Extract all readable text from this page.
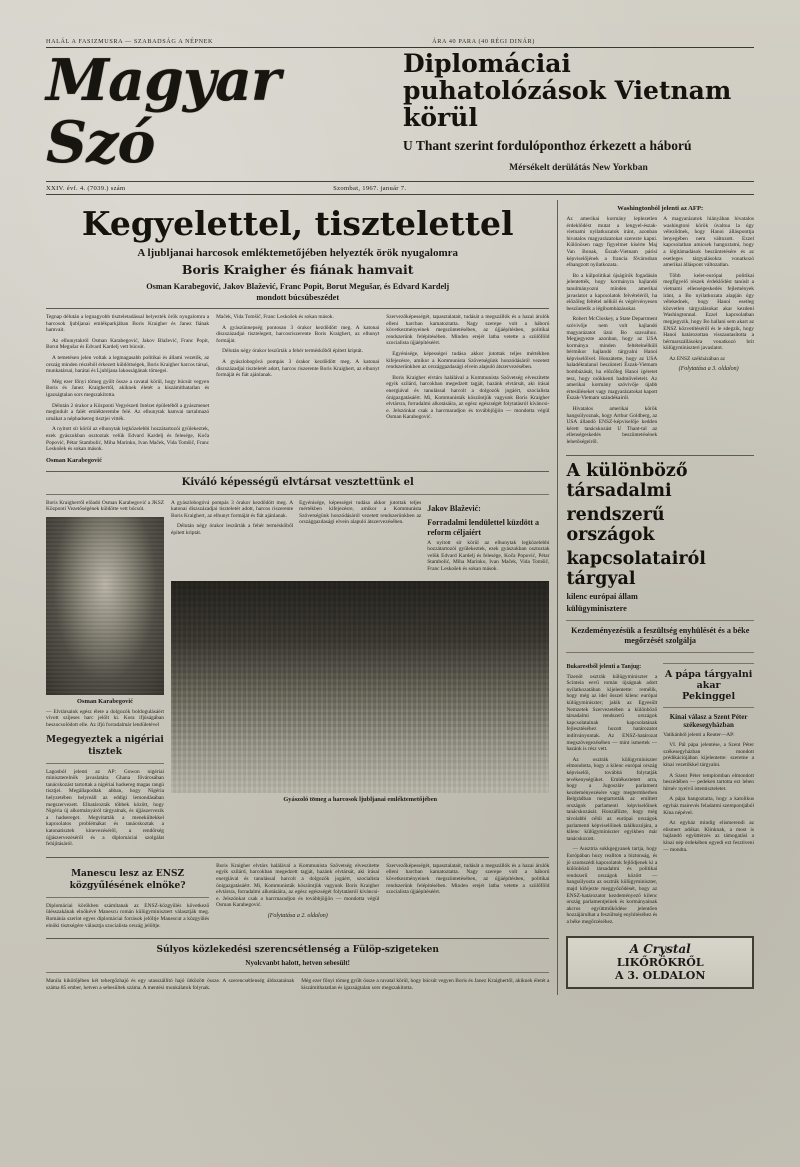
HALÁL A FASIZMUSRA — SZABADSÁG A NÉPNEK	ÁRA 40 PARA (40 RÉGI DINÁR)
Magyar Szó
Diplomáciai puhatolózások Vietnam körül
U Thant szerint fordulóponthoz érkezett a háború
Mérsékelt derülátás New Yorkban
XXIV. évf. 4. (7039.) szám	Szombat, 1967. január 7.
Kegyelettel, tisztelettel
A ljubljanai harcosok emléktemetőjében helyezték örök nyugalomra
Boris Kraigher és fiának hamvait
Osman Karabegović, Jakov Blažević, Franc Popit, Borut Megušar, és Edvard Kardelj
mondott búcsúbeszédet

Tegnap délután a legnagyobb tiszteletadással helyezték örök nyugalomra a harcosok ljubljanai emlékparkjában Boris Kraigher és Janez fiának hamvait.

Az elhunytakról Osman Karabegović, Jakov Blažević, Franc Popit, Borut Megušar és Edvard Kardelj vett búcsút.

A temetésen jelen voltak a legmagasabb politikai és állami vezetők, az ország minden részéből érkezett küldöttségek, Boris Kraigher harcos társai, munkatársai, barátai és Ljubljana lakosságának tömegei.

Még ezer főnyi tömeg gyűlt össze a ravatal körül, hogy búcsút vegyen Boris és Janez Kraighertől, akiknek életét a kiszámíthatatlan és igazságtalan sors megszakította.

Délután 2 órakor a Központi Vegyészeti Intézet épületéből a gyászmenet megindult a falét emlékterembe felé. Az elhunytak hamvai tartalmazó urnákat a néphadsereg tisztjei vitték.

A nyitott sír körül az elhunytak legközelebbi hozzátartozói gyülekeztek, ezek gyászukban osztoztak velük Edvard Kardelj és felesége, Koča Popović, Pétar Stambolić, Miha Marinko, Ivan Maček, Vida Tomšič, Franc Leskošek és sokan mások.

Osman Karabegović

Maček, Vida Tomšič, Franc Leskošek és sokan mások.

A gyászünnepség pontosan 3 órakor kezdődött meg. A katonai díszszázadjai tisztelegett, harcosriszerente Boris Kraighert, az elhunyt formáját.

Délután négy órakor leszűrták a fehér terméskőből épített kriptát.

A gyászlobogóvá pompás 3 órakor kezdődött meg. A katonai díszszázadjai tiszteletét adott, harcos riszerente Boris Kraighert, az elhunyt formáját és fiát ajánlanak.

Szervezőképességét, tapasztalatait, tudását a megszállók és a hazai árulók elleni harcban kamatoztatta. Nagy szerepe volt a háború következményeinek megszüntetésében, az újjáépítésben, politikai rendszerünk felépítésében. Minden erejét latba vetette a szülőföld szocialista újjáépítéséért.

Egyénisége, képességei tudása akkor jutottak teljes mértékben kifejezésre, amikor a Kommunista Szövetségünk honzódásáról vezetett rendszerünkben az országgazdasági elvein alapuló átszervezésében.

Boris Kraigher elvtárs halálával a Kommunista Szövetség elveszítette egyik szilárd, harcokban megedzett tagját, hazánk elvtársát, aki írásai energiával és tanulással harcolt a dolgozók jogáért, szocialista önigazgatásáért. Mi, Kommunisták köszöntjük vagyunk Boris Kraigher elvtársra, forradalmi alkotásáira, az egész egészségét folytatásról kíváncsi-e. Jelszónkat csak a harcmaradjon és továbbjöjjön — mondotta végül Osman Karabegović.

Kiváló képességű elvtársat vesztettünk el

Boris Kraigherről előadó Osman Karabegović a JKSZ Központi Vezetőségének küldötte vett búcsút.

Osman Karabegović

— Elvtársaink egész élete a dolgozók boldogulásáért vívott szíjeses harc jelölt ki. Kora ifjúságában beszocsolódott elle. Az ifjú forradalmár lendületével

Megegyeztek a nigériai tisztek

Lagosból jelenti az AP: Gowon nigériai miniszterelnök javaslatára Ghana fővárosában tanácskozást tartottak a nigériai hadsereg magas rangú tisztjei. Megállapodtak abban, hogy Nigéria helyzetében helyreáll az eddigi lemondásában megszervezett. Elhatározták többek között, hogy Nigéria új alkotmányáról tárgyalnak, és újjászervezik a hadsereget. Megvitatták a menekültekkel kapcsolatos problémákat és tanácskoztak a katonatisztek kinevezéséről, a rendőrség újjászervezéséről és a diplomáciai szolgálat felújításáról.

A gyászlobogóvá pompás 3 órakor kezdődött meg. A katonai díszszázadjai tiszteletét adott, harcos riszerente Boris Kraighert, az elhunyt formáját és fiát ajánlanak.

Délután négy órakor leszűrták a fehér terméskőből épített kriptát.

Egyénisége, képességei tudása akkor jutottak teljes mértékben kifejezésre, amikor a Kommunista Szövetségünk honzódásáról vezetett rendszerünkben az országgazdasági elvein alapuló átszervezésében.

Jakov Blažević:
Forradalmi lendülettel küzdött a reform céljaiért

A nyitott sír körül az elhunytak legközelebbi hozzátartozói gyülekeztek, ezek gyászukban osztoztak velük Edvard Kardelj és felesége, Koča Popović, Pétar Stambolić, Miha Marinko, Ivan Maček, Vida Tomšič, Franc Leskošek és sokan mások.

Gyászoló tömeg a harcosok ljubljanai emléktemetőjében
Manescu lesz az ENSZ közgyűlésének elnöke?

Diplomáciai körökben számítanak az ENSZ-közgyűlés következő ülésszakának elnökévé Manescu román külügyminisztert választják meg. Románia szerint egyes diplomáciai források jelöltje Manescut a közgyűlés elnöki tisztségére választja szocialista ország jelöltje.

Boris Kraigher elvtárs halálával a Kommunista Szövetség elveszítette egyik szilárd, harcokban megedzett tagját, hazánk elvtársát, aki írásai energiával és tanulással harcolt a dolgozók jogáért, szocialista önigazgatásáért. Mi, Kommunisták köszöntjük vagyunk Boris Kraigher elvtársra, forradalmi alkotásáira, az egész egészségét folytatásról kíváncsi-e. Jelszónkat csak a harcmaradjon és továbbjöjjön — mondotta végül Osman Karabegović.

(Folytatása a 2. oldalon)

Szervezőképességét, tapasztalatait, tudását a megszállók és a hazai árulók elleni harcban kamatoztatta. Nagy szerepe volt a háború következményeinek megszüntetésében, az újjáépítésben, politikai rendszerünk felépítésében. Minden erejét latba vetette a szülőföld szocialista újjáépítéséért.

Súlyos közlekedési szerencsétlenség a Fülöp-szigeteken
Nyolcvanbt halott, hetven sebesült!

Manila kikötőjében két tehergőzhajó és egy utasszállító hajó ütközött össze. A szerencsétlenség áldozatainak száma 85 ember, hetven a sebesültek száma. A mentési munkálatok folynak.

Még ezer főnyi tömeg gyűlt össze a ravatal körül, hogy búcsút vegyen Boris és Janez Kraighertől, akiknek életét a kiszámíthatatlan és igazságtalan sors megszakította.

Washingtonból jelenti az AFP:

Az amerikai kormány leplezetlen érdeklődést mutat a lengyel-észak-vietnami nyilatkozatok iránt, azonban hivatalos magyarázatokat szerezte kapni. Különösen nagy figyelmet kísérte Maj Van Bonak, Észak-Vietnam párisi képviselőjének a francia fővárosban elhangzott nyilatkozata.

Bo a külpolitikai újságírók fogadásán jelentették, hogy kormányra hajlandó tanulmányozni minden amerikai javaslatot a kapcsolatok felvételéről, ha előzőleg feltétel nélkül és végérvényesen beszüntetik a légibombázásokat.

Robert McCloskey, a State Department szóvivője nem volt hajlandó magyarázatot üzni Bo szavaihoz. Megjegyezte azonban, hogy az USA kormánya minden feltételnélküli bérmikor hajlandó tárgyalni Hanoi képviselőivel. Honzátette, hogy az USA haladéktalanul beszünteti Észak-Vietnam bombázását, ha előzőleg Hanoi ígéretet tesz, hogy csökkenti hadműveleteit. Az amerikai kormány szóvivője újabb értesüléseket vagy magyarázatokat kapott Észak-Vietnam szándékairól.

Hivatalos amerikai körök hangsúlyoznak, hogy Arthur Goldberg, az USA állandó ENSZ-képviselője kedden kérett tanácskozást U Thant-tal az ellenségeskedés beszüntetésének lehetőségeiről.

A magyarázatok hiányában hivatalos washingtoni körök úvaltoa la úgy véleződnek, hogy Hanoi állásponttja lenyegében nem változott. Ezzel kapcsolatban amicsek hangoztatni, hogy a légitámadások beszüntetésére és az esetleges tárgyalásokra vonatkozó amerikai álláspont változatlan.

Több kelet-európai politikai megfigyelő részek érdeklődést tanúsít a vietnami ellenségeskedés fejlemények iránt, a Bo nyilatkozata alapján úgy vélekednek, hogy Hanoi esetleg közvetlen tárgyalásokat akar kezdeni Washingtonnal. Ezzel kapcsolatban megjegyzik, hogy Bo hallani sem akart az ENSZ közvetítéséről és le sdegzik, hogy Hanoi határozottan visszautasította a bérmarszállásokra vonatkozó brit külügyminiszteri javaslatot.

Az ENSZ székházában az

(Folytatása a 3. oldalon)
A különböző társadalmi
rendszerű országok
kapcsolatairól tárgyal
kilenc európai állam
külügyminisztere
Kezdeményezésük a feszültség enyhülését és a béke megőrzését szolgálja
Bukarestből jelenti a Tanjug:

Tizenöt osztrák külügyminiszter a Scinteia eevű román újságnak adott nyilatkozatában kijelentette: remélik, hogy még az idei ősszel kilenc európai külügyminiszter; jakik az Egyesült Nemzetek Szervezetében a különböző társadalmi rendszerű országok kapcsolatainak kapcsolatának fejlesztéséhez hozott határozatot indítványuntak. Az ENSZ-határozat megszövegezésében — mint ismertek — hazánk is rész vett.

Az osztrák külügyminiszter elmondotta, hogy a kilenc európai ország képviselői, továbbá folytatják tevékenységüket. Emlékeztetett arra, hogy a Jugoszláv parlament kezdeményezésére vagy megtermberben Belgrádban megtartották az említett országok parlamenti képviselőinek tanácskozását. Honzáfűzte, hogy még távolabbi célúi az európai országok parlamenti képviselőinek találkozójára, a kilenc külügyminiszter egyikben már tanácskozott.

— Ausztria sokkgegyanek tartja, hogy Európában hozy reallton a biztonság, és jó szomszédi kapcsolatok fejlődjenek ki a különböző társadalmi és politikai rendszerű országok között — hangsúlyozta az osztrák külügyminiszter, majd kifejezte meggyőződését, hogy az ENSZ-határozatot kezdeményező kilenc ország parlamentjeinek és kormányainak akcros együttműködése jelentően hozzájárulhat a feszültség enyhítéséhez és a béke megőrzéséhez.

A pápa tárgyalni akar
Pekinggel
Kínai válasz a Szent Péter székesegyházban

Vatikánból jelenti a Reuter—AP:

VI. Pál pápa jelentése, a Szent Péter székesegyházban mondott prédikációjában kijelentette: szeretne a kínai vezetőkkel tárgyalni.

A Szent Péter templomban elmondott beszédében — pedeken tartotta ezt leben hírnév nyelvű istentiszteletet.

A pápa hangoztatta, hogy a katolikus egyház mairevés feladatmi szempontjából Kína népével.

Az egyház mindig elismerendi az elismert adókat. Klinknak, a most is hajlandó együttérzés az támogatási a kínai nép érdekében egyedi ezt fesztiveni — mondta.

A Crystal
LIKŐRÖKRŐL
A 3. OLDALON
